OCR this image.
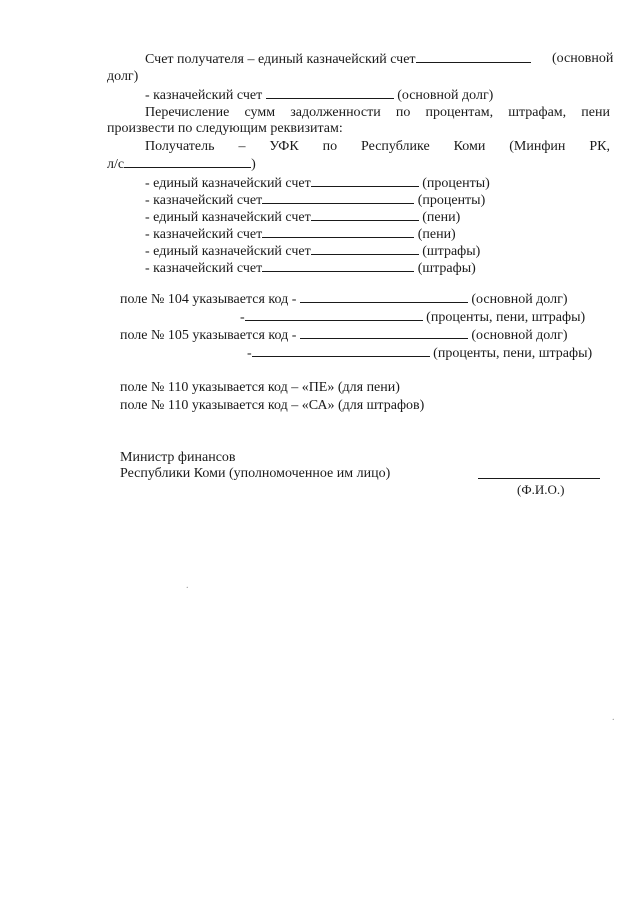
Счет получателя – единый казначейский счет	(основной
долг)
- казначейский счет	(основной долг)
Перечисление сумм задолженности по процентам, штрафам, пени
произвести по следующим реквизитам:
Получатель – УФК по Республике Коми (Минфин РК,
л/с	)
- единый казначейский счет	(проценты)
- казначейский счет	(проценты)
- единый казначейский счет	(пени)
- казначейский счет	(пени)
- единый казначейский счет	(штрафы)
- казначейский счет	(штрафы)
поле № 104 указывается код -	(основной долг)
-	(проценты, пени, штрафы)
поле № 105 указывается код -	(основной долг)
-	(проценты, пени, штрафы)
поле № 110 указывается код – «ПЕ» (для пени)
поле № 110 указывается код – «СА» (для штрафов)
Министр финансов
Республики Коми (уполномоченное им лицо)
(Ф.И.О.)
.
.
